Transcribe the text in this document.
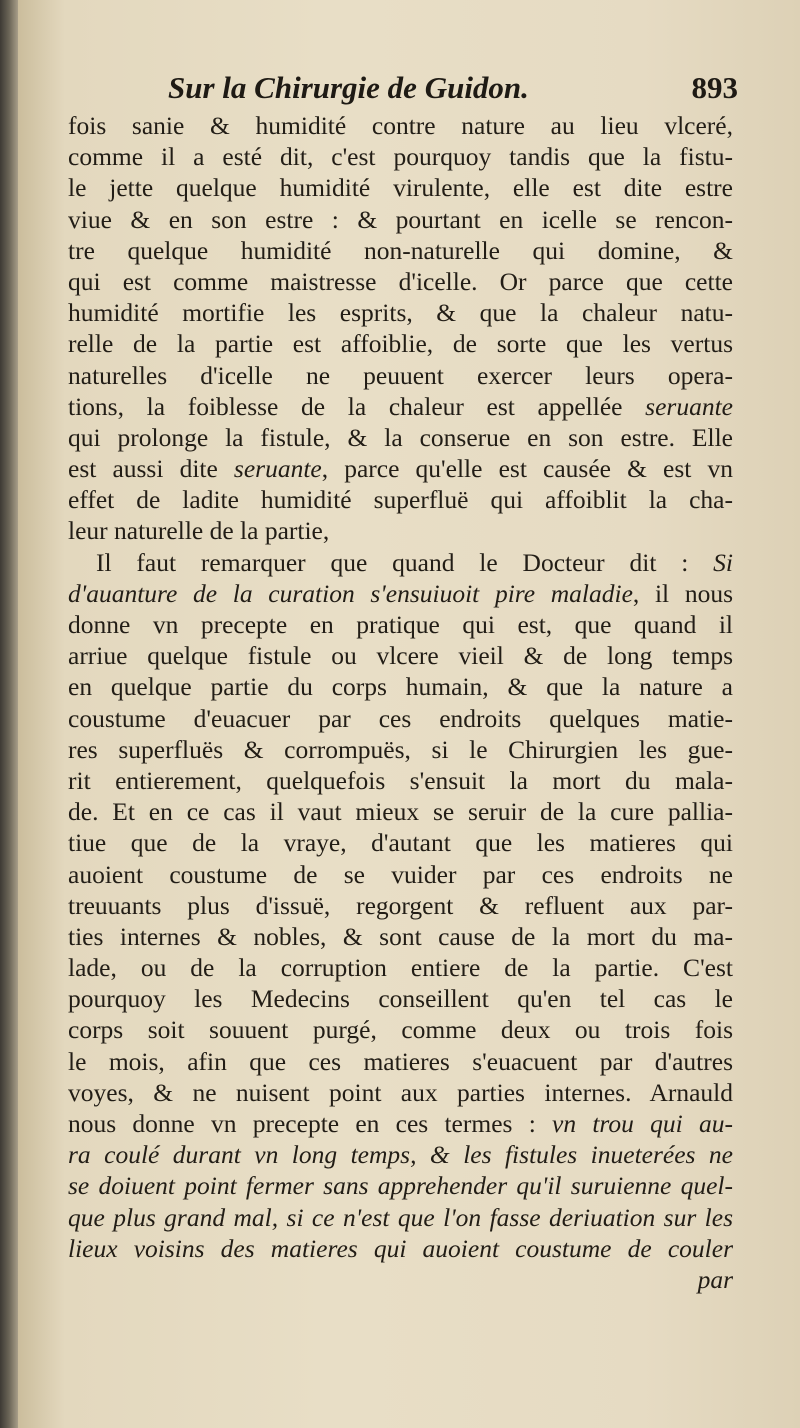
Sur la Chirurgie de Guidon.	893
fois sanie & humidité contre nature au lieu vlceré,
comme il a esté dit, c'est pourquoy tandis que la fistu-
le jette quelque humidité virulente, elle est dite estre
viue & en son estre : & pourtant en icelle se rencon-
tre quelque humidité non-naturelle qui domine, &
qui est comme maistresse d'icelle. Or parce que cette
humidité mortifie les esprits, & que la chaleur natu-
relle de la partie est affoiblie, de sorte que les vertus
naturelles d'icelle ne peuuent exercer leurs opera-
tions, la foiblesse de la chaleur est appellée seruante
qui prolonge la fistule, & la conserue en son estre. Elle
est aussi dite seruante, parce qu'elle est causée & est vn
effet de ladite humidité superfluë qui affoiblit la cha-
leur naturelle de la partie,
Il faut remarquer que quand le Docteur dit : Si
d'auanture de la curation s'ensuiuoit pire maladie, il nous
donne vn precepte en pratique qui est, que quand il
arriue quelque fistule ou vlcere vieil & de long temps
en quelque partie du corps humain, & que la nature a
coustume d'euacuer par ces endroits quelques matie-
res superfluës & corrompuës, si le Chirurgien les gue-
rit entierement, quelquefois s'ensuit la mort du mala-
de. Et en ce cas il vaut mieux se seruir de la cure pallia-
tiue que de la vraye, d'autant que les matieres qui
auoient coustume de se vuider par ces endroits ne
treuuants plus d'issuë, regorgent & refluent aux par-
ties internes & nobles, & sont cause de la mort du ma-
lade, ou de la corruption entiere de la partie. C'est
pourquoy les Medecins conseillent qu'en tel cas le
corps soit souuent purgé, comme deux ou trois fois
le mois, afin que ces matieres s'euacuent par d'autres
voyes, & ne nuisent point aux parties internes. Arnauld
nous donne vn precepte en ces termes : vn trou qui au-
ra coulé durant vn long temps, & les fistules inueterées ne
se doiuent point fermer sans apprehender qu'il suruienne quel-
que plus grand mal, si ce n'est que l'on fasse deriuation sur les
lieux voisins des matieres qui auoient coustume de couler
par
